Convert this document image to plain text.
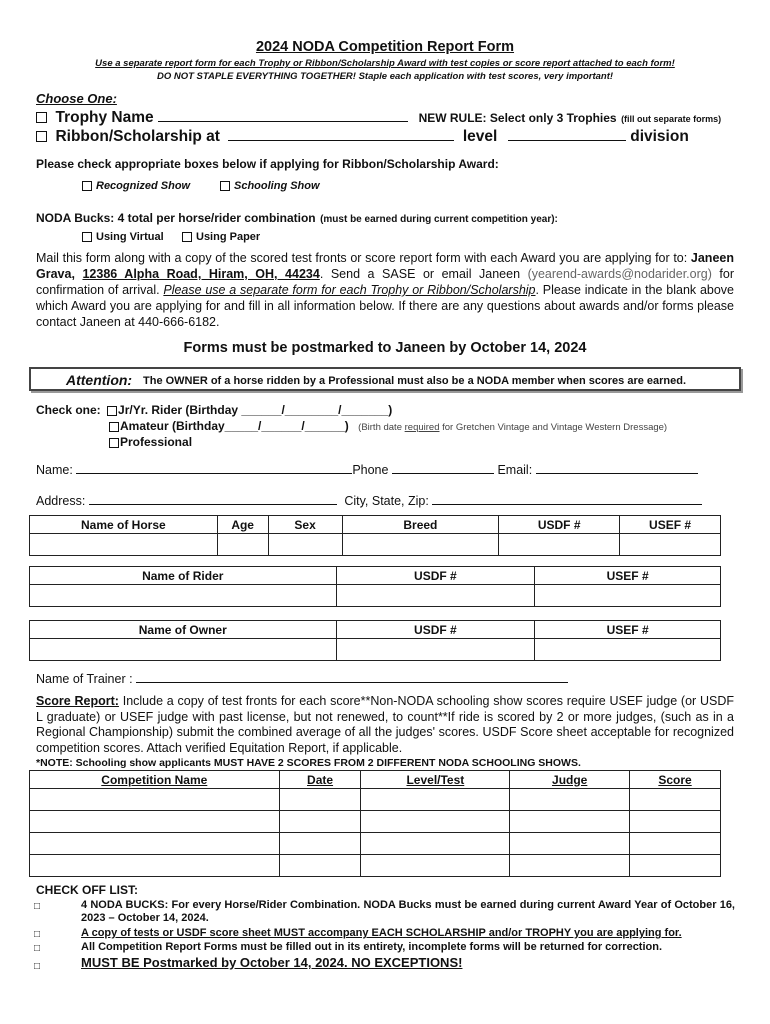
2024 NODA Competition Report Form
Use a separate report form for each Trophy or Ribbon/Scholarship Award with test copies or score report attached to each form!
DO NOT STAPLE EVERYTHING TOGETHER! Staple each application with test scores, very important!
Choose One:
Trophy Name	NEW RULE: Select only 3 Trophies (fill out separate forms)
Ribbon/Scholarship at	level	division
Please check appropriate boxes below if applying for Ribbon/Scholarship Award:
Recognized Show	Schooling Show
NODA Bucks: 4 total per horse/rider combination (must be earned during current competition year):
Using Virtual	Using Paper
Mail this form along with a copy of the scored test fronts or score report form with each Award you are applying for to: Janeen Grava, 12386 Alpha Road, Hiram, OH, 44234. Send a SASE or email Janeen (yearend-awards@nodarider.org) for confirmation of arrival. Please use a separate form for each Trophy or Ribbon/Scholarship. Please indicate in the blank above which Award you are applying for and fill in all information below. If there are any questions about awards and/or forms please contact Janeen at 440-666-6182.
Forms must be postmarked to Janeen by October 14, 2024
Attention: The OWNER of a horse ridden by a Professional must also be a NODA member when scores are earned.
Check one: Jr/Yr. Rider (Birthday ______/________/_______)
Amateur (Birthday_____/______/______) (Birth date required for Gretchen Vintage and Vintage Western Dressage)
Professional
Name:	Phone	Email:
Address:	City, State, Zip:
Name of Horse	Age	Sex	Breed	USDF #	USEF #

Name of Rider	USDF #	USEF #

Name of Owner	USDF #	USEF #

Name of Trainer :
Score Report: Include a copy of test fronts for each score**Non-NODA schooling show scores require USEF judge (or USDF L graduate) or USEF judge with past license, but not renewed, to count**If ride is scored by 2 or more judges, (such as in a Regional Championship) submit the combined average of all the judges' scores. USDF Score sheet acceptable for recognized competition scores. Attach verified Equitation Report, if applicable.
*NOTE: Schooling show applicants MUST HAVE 2 SCORES FROM 2 DIFFERENT NODA SCHOOLING SHOWS.
Competition Name	Date	Level/Test	Judge	Score

CHECK OFF LIST:
□	4 NODA BUCKS: For every Horse/Rider Combination. NODA Bucks must be earned during current Award Year of October 16, 2023 – October 14, 2024.
□	A copy of tests or USDF score sheet MUST accompany EACH SCHOLARSHIP and/or TROPHY you are applying for.
□	All Competition Report Forms must be filled out in its entirety, incomplete forms will be returned for correction.
□	MUST BE Postmarked by October 14, 2024. NO EXCEPTIONS!
